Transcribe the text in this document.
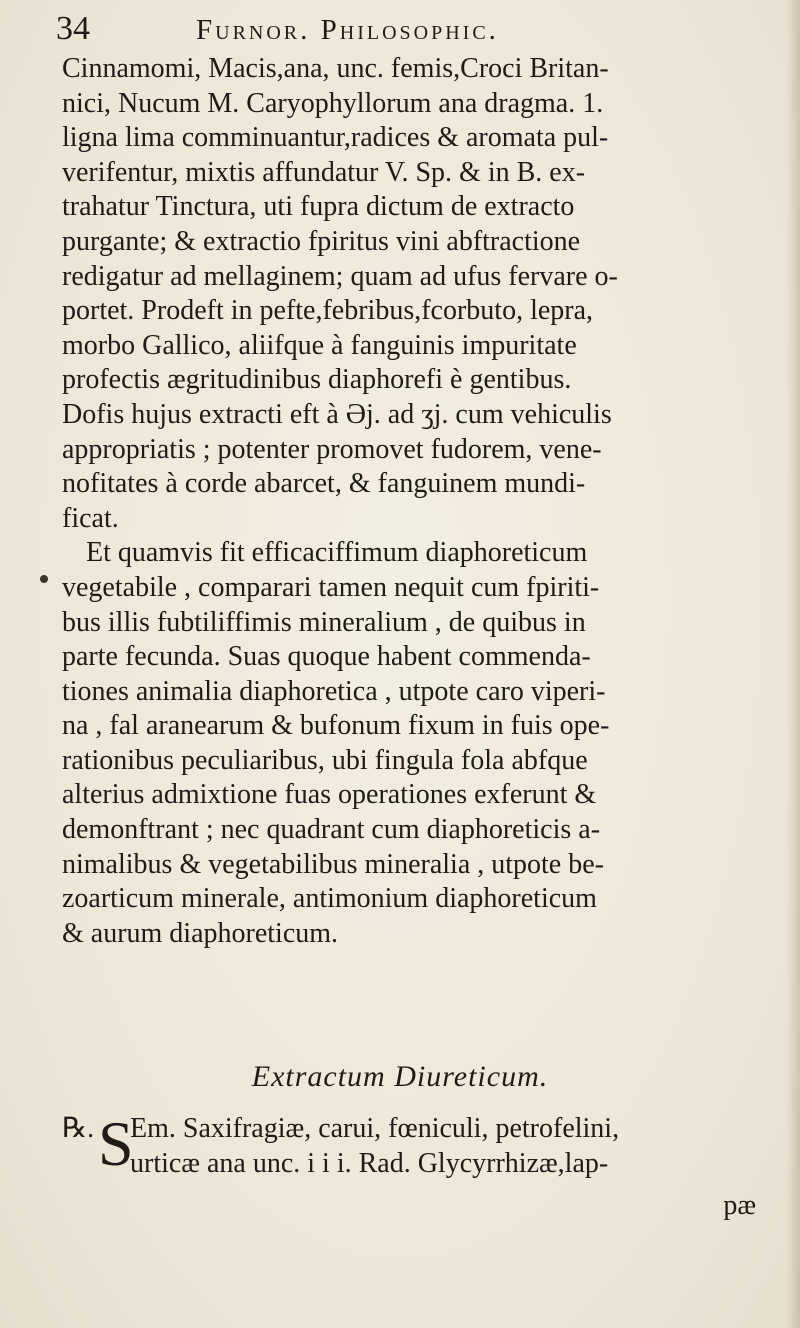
34	Furnor. Philosophic.
Cinnamomi, Macis,ana, unc. femis,Croci Britan-
nici, Nucum M. Caryophyllorum ana dragma. 1.
ligna lima comminuantur,radices & aromata pul-
verifentur, mixtis affundatur V. Sp. & in B. ex-
trahatur Tinctura, uti fupra dictum de extracto
purgante; & extractio fpiritus vini abftractione
redigatur ad mellaginem; quam ad ufus fervare o-
portet. Prodeft in pefte,febribus,fcorbuto, lepra,
morbo Gallico, aliifque à fanguinis impuritate
profectis ægritudinibus diaphorefi è gentibus.
Dofis hujus extracti eft à Əj. ad ʒj. cum vehiculis
appropriatis ; potenter promovet fudorem, vene-
nofitates à corde abarcet, & fanguinem mundi-
ficat.
Et quamvis fit efficaciffimum diaphoreticum
vegetabile , comparari tamen nequit cum fpiriti-
bus illis fubtiliffimis mineralium , de quibus in
parte fecunda. Suas quoque habent commenda-
tiones animalia diaphoretica , utpote caro viperi-
na , fal aranearum & bufonum fixum in fuis ope-
rationibus peculiaribus, ubi fingula fola abfque
alterius admixtione fuas operationes exferunt &
demonftrant ; nec quadrant cum diaphoreticis a-
nimalibus & vegetabilibus mineralia , utpote be-
zoarticum minerale, antimonium diaphoreticum
& aurum diaphoreticum.
Extractum Diureticum.
℞. S
Em. Saxifragiæ, carui, fœniculi, petrofelini,
urticæ ana unc. i i i. Rad. Glycyrrhizæ,lap-
pæ
